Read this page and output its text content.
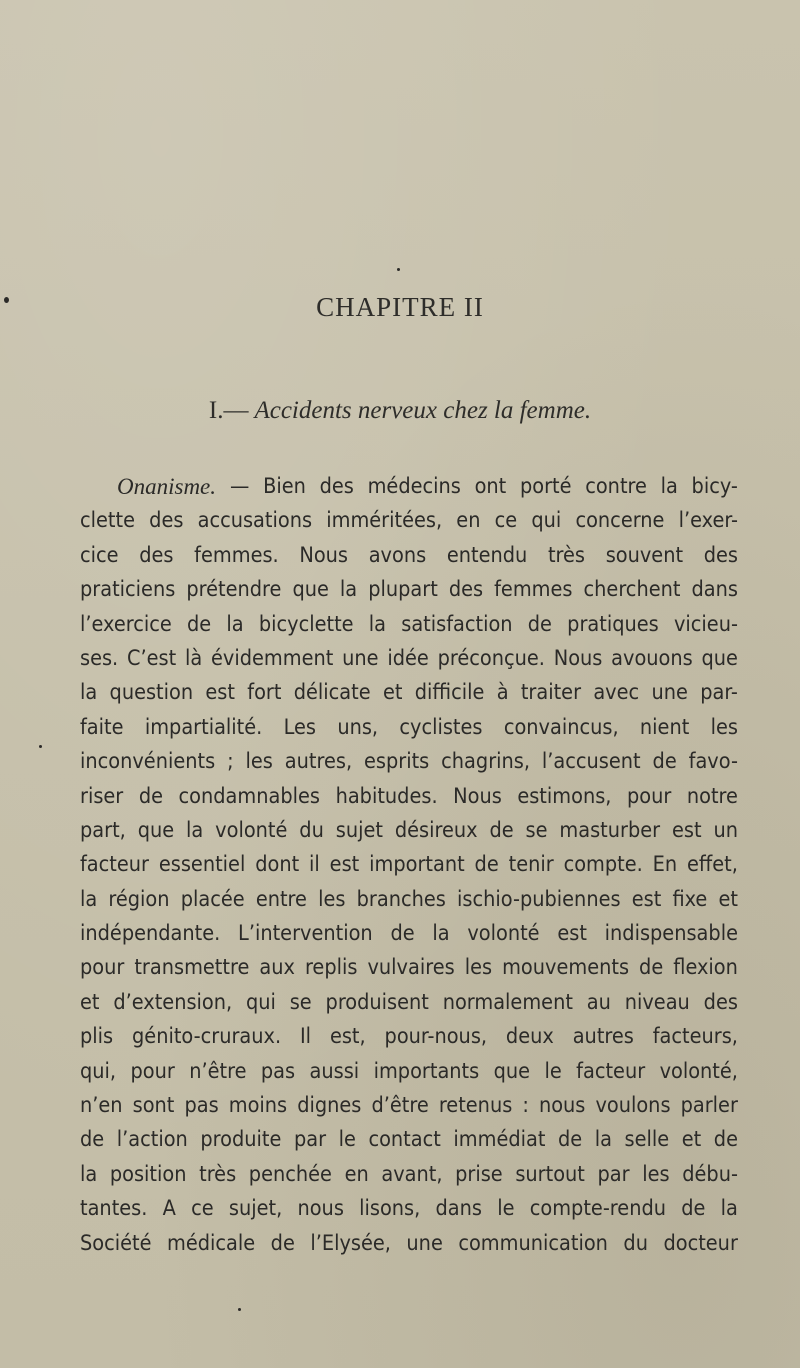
CHAPITRE II
I.— Accidents nerveux chez la femme.
Onanisme. — Bien des médecins ont porté contre la bicy-
clette des accusations imméritées, en ce qui concerne l’exer-
cice des femmes. Nous avons entendu très souvent des
praticiens prétendre que la plupart des femmes cherchent dans
l’exercice de la bicyclette la satisfaction de pratiques vicieu-
ses. C’est là évidemment une idée préconçue. Nous avouons que
la question est fort délicate et difficile à traiter avec une par-
faite impartialité. Les uns, cyclistes convaincus, nient les
inconvénients ; les autres, esprits chagrins, l’accusent de favo-
riser de condamnables habitudes. Nous estimons, pour notre
part, que la volonté du sujet désireux de se masturber est un
facteur essentiel dont il est important de tenir compte. En effet,
la région placée entre les branches ischio-pubiennes est fixe et
indépendante. L’intervention de la volonté est indispensable
pour transmettre aux replis vulvaires les mouvements de flexion
et d’extension, qui se produisent normalement au niveau des
plis génito-cruraux. Il est, pour-nous, deux autres facteurs,
qui, pour n’être pas aussi importants que le facteur volonté,
n’en sont pas moins dignes d’être retenus : nous voulons parler
de l’action produite par le contact immédiat de la selle et de
la position très penchée en avant, prise surtout par les débu-
tantes. A ce sujet, nous lisons, dans le compte-rendu de la
Société médicale de l’Elysée, une communication du docteur
